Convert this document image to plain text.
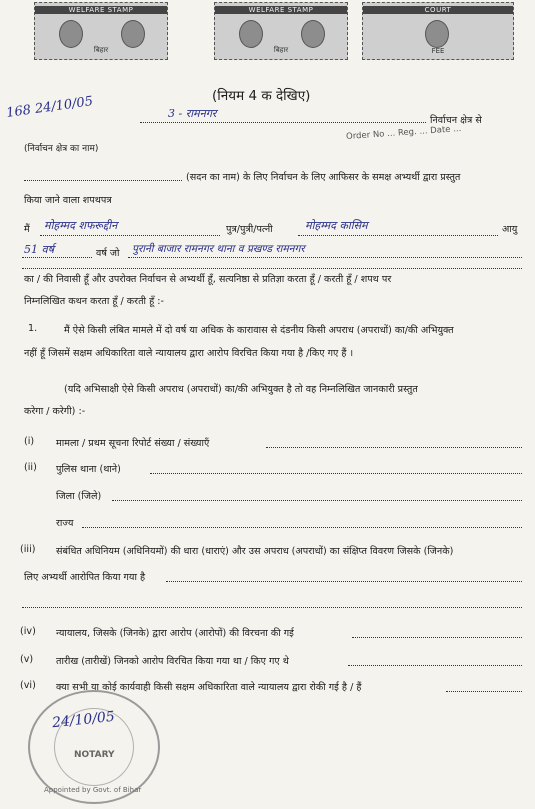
WELFARE STAMP
बिहार
WELFARE STAMP
बिहार
COURT
FEE
(नियम 4 क देखिए)
168 24/10/05	3 - रामनगर
निर्वाचन क्षेत्र से
Order No ... Reg. ... Date ...
(निर्वाचन क्षेत्र का नाम)
(सदन का नाम) के लिए निर्वाचन के लिए आफिसर के समक्ष अभ्यर्थी द्वारा प्रस्तुत
किया जाने वाला शपथपत्र
मैं मोहम्मद शफरूद्दीन	पुत्र/पुत्री/पत्नी	मोहम्मद कासिम	आयु
51 वर्ष	वर्ष जो पुरानी बाजार रामनगर थाना व प्रखण्ड रामनगर
का / की निवासी हूँ और उपरोक्त निर्वाचन से अभ्यर्थी हूँ, सत्यनिष्ठा से प्रतिज्ञा करता हूँ / करती हूँ / शपथ पर
निम्नलिखित कथन करता हूँ / करती हूँ :-
1.	मैं ऐसे किसी लंबित मामले में दो वर्ष या अधिक के कारावास से दंडनीय किसी अपराध (अपराधों) का/की अभियुक्त
नहीं हूँ जिसमें सक्षम अधिकारिता वाले न्यायालय द्वारा आरोप विरचित किया गया है /किए गए हैं ।
(यदि अभिसाक्षी ऐसे किसी अपराध (अपराधों) का/की अभियुक्त है तो वह निम्नलिखित जानकारी प्रस्तुत
करेगा / करेगी) :-
(i) मामला / प्रथम सूचना रिपोर्ट संख्या / संख्याएँ
(ii) पुलिस थाना (थाने)
जिला (जिले)
राज्य
(iii) संबंधित अधिनियम (अधिनियमों) की धारा (धाराएं) और उस अपराध (अपराधों) का संक्षिप्त विवरण जिसके (जिनके)
लिए अभ्यर्थी आरोपित किया गया है
(iv) न्यायालय, जिसके (जिनके) द्वारा आरोप (आरोपों) की विरचना की गई
(v) तारीख (तारीखें) जिनको आरोप विरचित किया गया था / किए गए थे
(vi) क्या सभी या कोई कार्यवाही किसी सक्षम अधिकारिता वाले न्यायालय द्वारा रोकी गई है / हैं
24/10/05
NOTARY
Appointed by Govt. of Bihar
